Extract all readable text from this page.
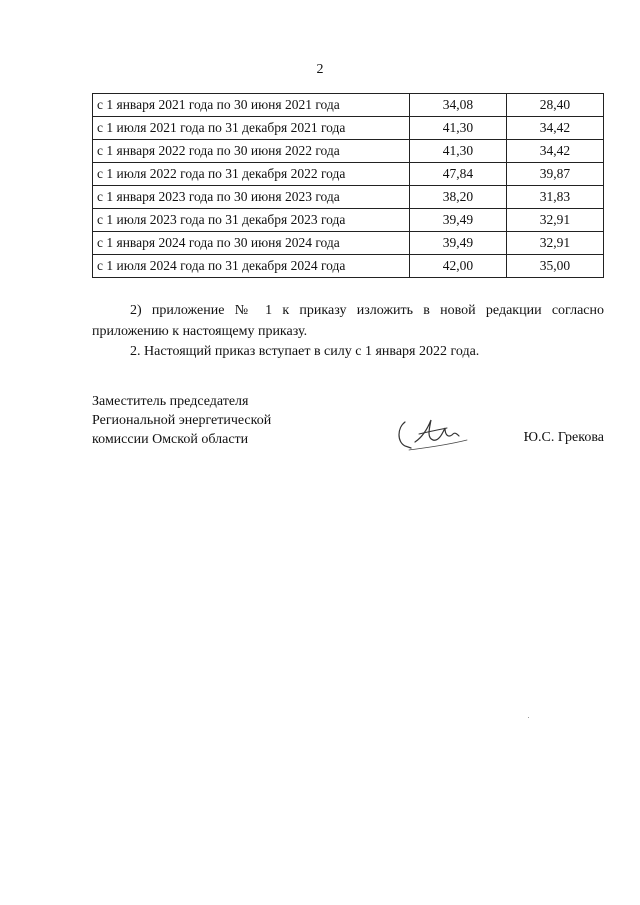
2
с 1 января 2021 года по 30 июня 2021 года	34,08	28,40
с 1 июля 2021 года по 31 декабря 2021 года	41,30	34,42
с 1 января 2022 года по 30 июня 2022 года	41,30	34,42
с 1 июля 2022 года по 31 декабря 2022 года	47,84	39,87
с 1 января 2023 года по 30 июня 2023 года	38,20	31,83
с 1 июля 2023 года по 31 декабря 2023 года	39,49	32,91
с 1 января 2024 года по 30 июня 2024 года	39,49	32,91
с 1 июля 2024 года по 31 декабря 2024 года	42,00	35,00
2) приложение № 1 к приказу изложить в новой редакции согласно приложению к настоящему приказу.
2. Настоящий приказ вступает в силу с 1 января 2022 года.
Заместитель председателя
Региональной энергетической
комиссии Омской области	Ю.С. Грекова
